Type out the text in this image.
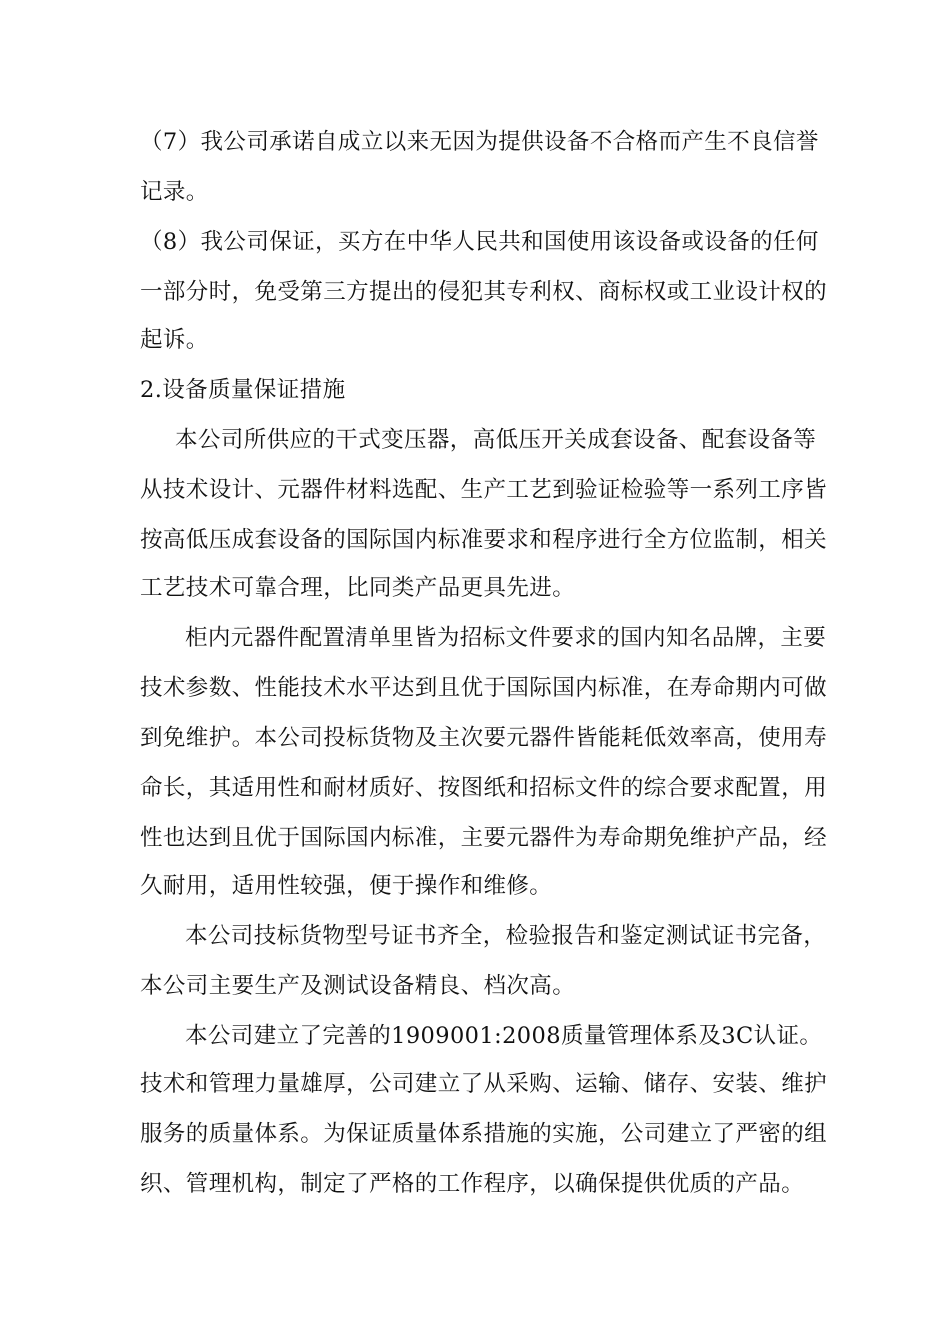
（7）我公司承诺自成立以来无因为提供设备不合格而产生不良信誉
记录。
（8）我公司保证，买方在中华人民共和国使用该设备或设备的任何
一部分时，免受第三方提出的侵犯其专利权、商标权或工业设计权的
起诉。
2.设备质量保证措施
本公司所供应的干式变压器，高低压开关成套设备、配套设备等
从技术设计、元器件材料选配、生产工艺到验证检验等一系列工序皆
按高低压成套设备的国际国内标准要求和程序进行全方位监制，相关
工艺技术可靠合理，比同类产品更具先进。
柜内元器件配置清单里皆为招标文件要求的国内知名品牌，主要
技术参数、性能技术水平达到且优于国际国内标准，在寿命期内可做
到免维护。本公司投标货物及主次要元器件皆能耗低效率高，使用寿
命长，其适用性和耐材质好、按图纸和招标文件的综合要求配置，用
性也达到且优于国际国内标准，主要元器件为寿命期免维护产品，经
久耐用，适用性较强，便于操作和维修。
本公司技标货物型号证书齐全，检验报告和鉴定测试证书完备，
本公司主要生产及测试设备精良、档次高。
本公司建立了完善的1909001:2008质量管理体系及3C认证。
技术和管理力量雄厚，公司建立了从采购、运输、储存、安装、维护
服务的质量体系。为保证质量体系措施的实施，公司建立了严密的组
织、管理机构，制定了严格的工作程序，以确保提供优质的产品。
